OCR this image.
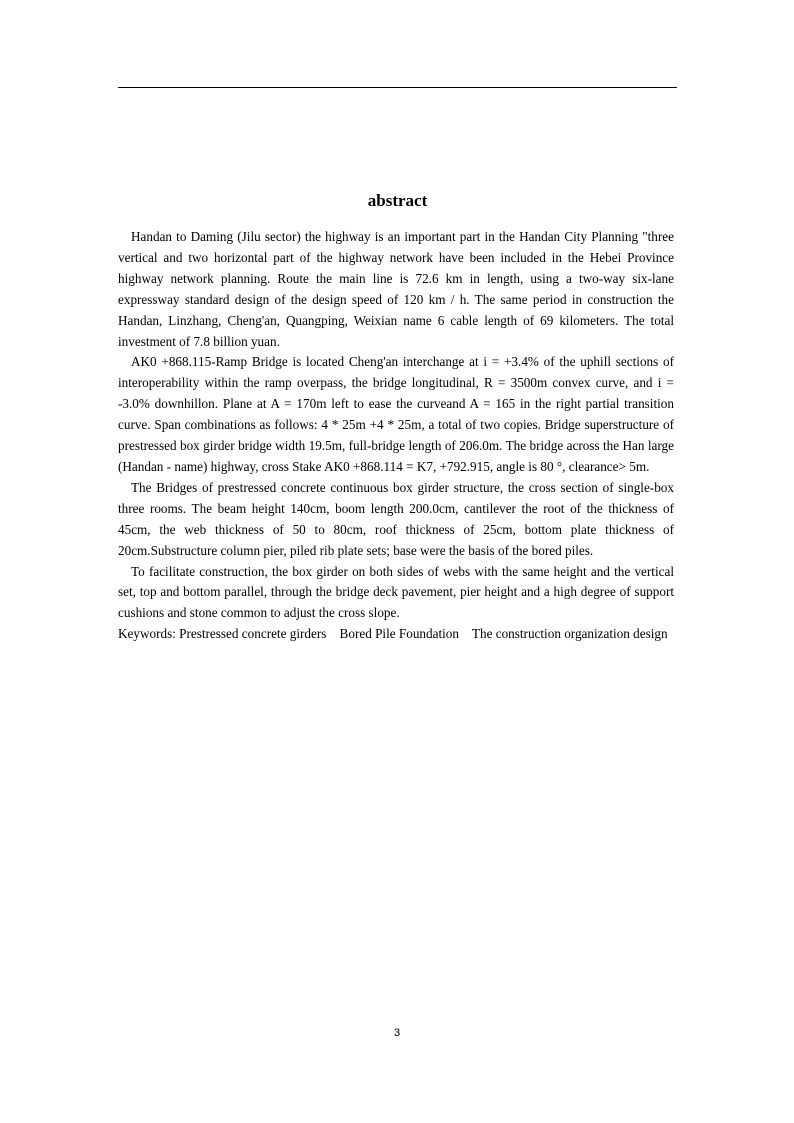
abstract

Handan to Daming (Jilu sector) the highway is an important part in the Handan City Planning "three vertical and two horizontal part of the highway network have been included in the Hebei Province highway network planning. Route the main line is 72.6 km in length, using a two-way six-lane expressway standard design of the design speed of 120 km / h. The same period in construction the Handan, Linzhang, Cheng'an, Quangping, Weixian name 6 cable length of 69 kilometers. The total investment of 7.8 billion yuan.

AK0 +868.115-Ramp Bridge is located Cheng'an interchange at i = +3.4% of the uphill sections of interoperability within the ramp overpass, the bridge longitudinal, R = 3500m convex curve, and i = -3.0% downhillon. Plane at A = 170m left to ease the curveand A = 165 in the right partial transition curve. Span combinations as follows: 4 * 25m +4 * 25m, a total of two copies. Bridge superstructure of prestressed box girder bridge width 19.5m, full-bridge length of 206.0m. The bridge across the Han large (Handan - name) highway, cross Stake AK0 +868.114 = K7, +792.915, angle is 80 °, clearance> 5m.

The Bridges of prestressed concrete continuous box girder structure, the cross section of single-box three rooms. The beam height 140cm, boom length 200.0cm, cantilever the root of the thickness of 45cm, the web thickness of 50 to 80cm, roof thickness of 25cm, bottom plate thickness of 20cm.Substructure column pier, piled rib plate sets; base were the basis of the bored piles.

To facilitate construction, the box girder on both sides of webs with the same height and the vertical set, top and bottom parallel, through the bridge deck pavement, pier height and a high degree of support cushions and stone common to adjust the cross slope.

Keywords: Prestressed concrete girders    Bored Pile Foundation    The construction organization design

3
